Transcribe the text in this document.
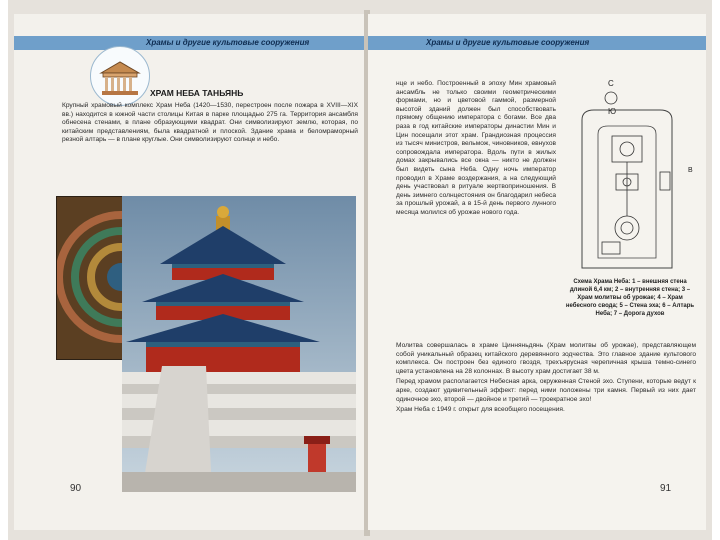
Храмы и другие культовые сооружения
ХРАМ НЕБА ТАНЬЯНЬ

Крупный храмовый комплекс Храм Неба (1420—1530, перестроен после пожара в XVIII—XIX вв.) находится в южной части столицы Китая в парке площадью 275 га. Территория ансамбля обнесена стенами, в плане образующими квадрат. Они символизируют землю, которая, по китайским представлениям, была квадратной и плоской. Здание храма и беломраморный резной алтарь — в плане круглые. Они символизируют солнце и небо.

90
Храмы и другие культовые сооружения

нце и небо. Построенный в эпоху Мин храмовый ансамбль не только своими геометрическими формами, но и цветовой гаммой, размерной высотой зданий должен был способствовать прямому общению императора с богами. Все два раза в год китайские императоры династии Мин и Цин посещали этот храм. Грандиозная процессия из тысяч министров, вельмож, чиновников, евнухов сопровождала императора. Вдоль пути в жилых домах закрывались все окна — никто не должен был видеть сына Неба. Одну ночь император проводил в Храме воздержания, а на следующий день участвовал в ритуале жертвоприношения. В день зимнего солнцестояния он благодарил небеса за прошлый урожай, а в 15-й день первого лунного месяца молился об урожае нового года.

С
Ю
В
Схема Храма Неба: 1 – внешняя стена длиной 6,4 км; 2 – внутренняя стена; 3 – Храм молитвы об урожае; 4 – Храм небесного свода; 5 – Стена эха; 6 – Алтарь Неба; 7 – Дорога духов

Молитва совершалась в храме Цинняньдянь (Храм молитвы об урожае), представляющем собой уникальный образец китайского деревянного зодчества. Это главное здание культового комплекса. Он построен без единого гвоздя, трехъярусная черепичная крыша темно-синего цвета установлена на 28 колоннах. В высоту храм достигает 38 м.

Перед храмом располагается Небесная арка, окруженная Стеной эхо. Ступени, которые ведут к арке, создают удивительный эффект: перед ними положены три камня. Первый из них дает одиночное эхо, второй — двойное и третий — троекратное эхо!

Храм Неба с 1949 г. открыт для всеобщего посещения.

91
